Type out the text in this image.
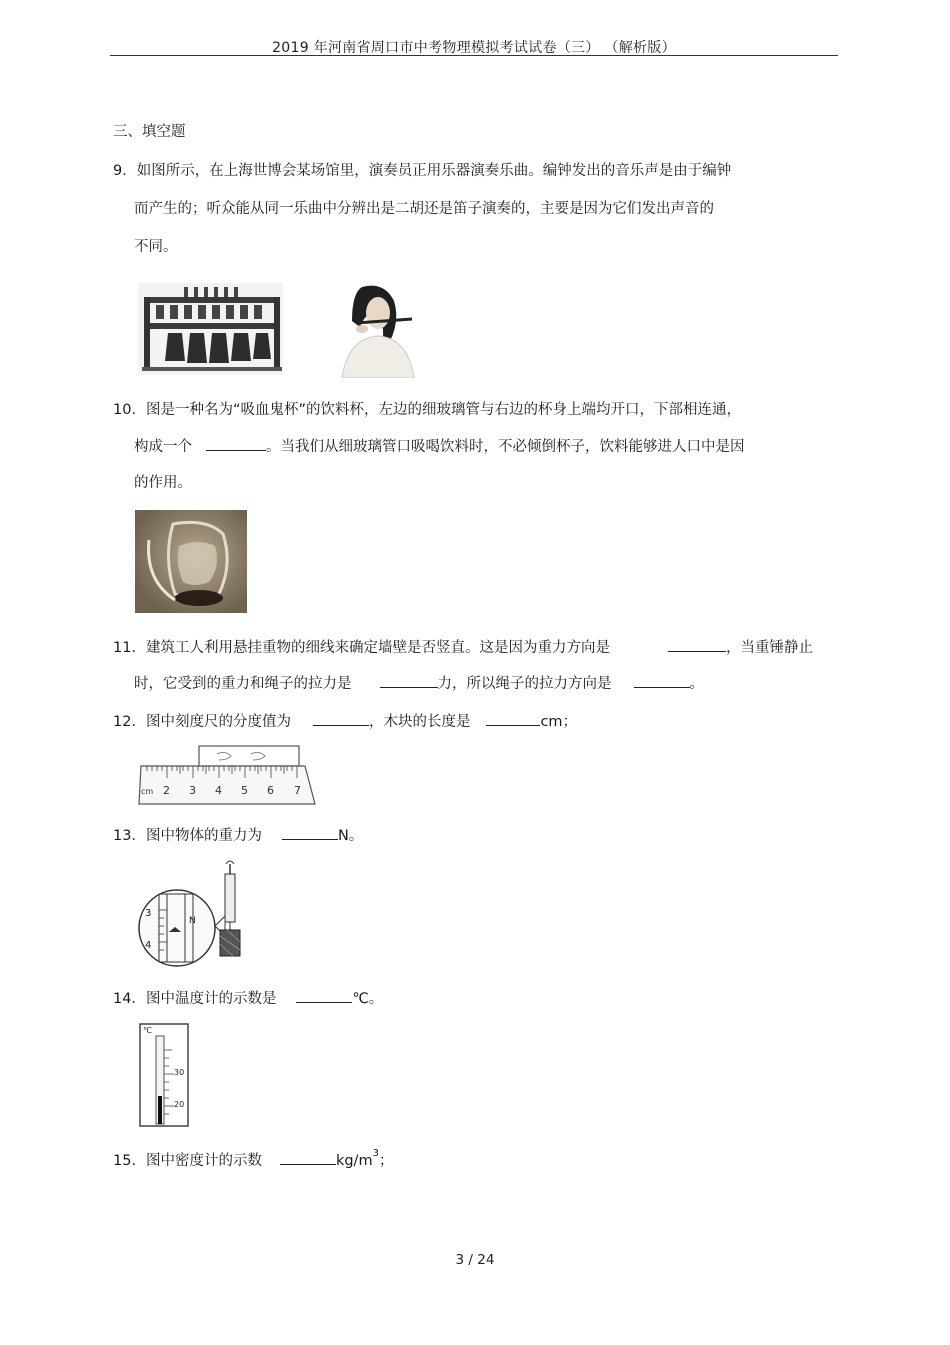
2019 年河南省周口市中考物理模拟考试试卷（三） （解析版）
三、填空题
9．如图所示，在上海世博会某场馆里，演奏员正用乐器演奏乐曲。编钟发出的音乐声是由于编钟
而产生的；听众能从同一乐曲中分辨出是二胡还是笛子演奏的，主要是因为它们发出声音的
不同。
10．图是一种名为“吸血鬼杯”的饮料杯，左边的细玻璃管与右边的杯身上端均开口，下部相连通，
构成一个	。当我们从细玻璃管口吸喝饮料时，不必倾倒杯子，饮料能够进人口中是因
的作用。
11．建筑工人利用悬挂重物的细线来确定墙壁是否竖直。这是因为重力方向是	，当重锤静止
时，它受到的重力和绳子的拉力是	力，所以绳子的拉力方向是	。
12．图中刻度尺的分度值为	，木块的长度是	cm；
cm 2 3 4 5 6 7
13．图中物体的重力为	N。
3
4
N
14．图中温度计的示数是	℃。
℃
30
20
15．图中密度计的示数	$kg/m^3$；
3 / 24
